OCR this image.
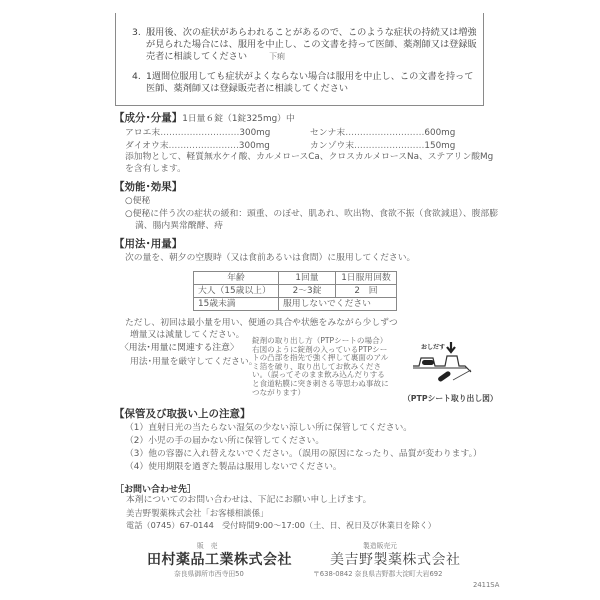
3. 服用後、次の症状があらわれることがあるので、このような症状の持続又は増強が見られた場合には、服用を中止し、この文書を持って医師、薬剤師又は登録販売者に相談してください	下痢
4. 1週間位服用しても症状がよくならない場合は服用を中止し、この文書を持って医師、薬剤師又は登録販売者に相談してください
【成分･分量】1日量６錠（1錠325mg）中
アロエ末………………………300mg	センナ末………………………600mg
ダイオウ末……………………300mg	カンゾウ末……………………150mg
添加物として、軽質無水ケイ酸、カルメロースCa、クロスカルメロースNa、ステアリン酸Mg
を含有します。
【効能･効果】
○便秘
○便秘に伴う次の症状の緩和：頭重、のぼせ、肌あれ、吹出物、食欲不振（食欲減退）、腹部膨
満、腸内異常醗酵、痔
【用法･用量】
次の量を、朝夕の空腹時（又は食前あるいは食間）に服用してください。
年齢	1回量	1日服用回数
大人（15歳以上）	2～3錠	2　回
15歳未満	服用しないでください	
ただし、初回は最小量を用い、便通の具合や状態をみながら少しずつ
増量又は減量してください。
〈用法･用量に関連する注意〉
用法･用量を厳守してください。
錠剤の取り出し方（PTPシートの場合）右図のように錠剤の入っているPTPシートの凸部を指先で強く押して裏面のアルミ箔を破り、取り出してお飲みください。（誤ってそのまま飲み込んだりすると食道粘膜に突き刺さる等思わぬ事故につながります）
おしだす
（PTPシート取り出し図）
【保管及び取扱い上の注意】
（1）直射日光の当たらない湿気の少ない涼しい所に保管してください。
（2）小児の手の届かない所に保管してください。
（3）他の容器に入れ替えないでください。（誤用の原因になったり、品質が変わります。）
（4）使用期限を過ぎた製品は服用しないでください。
［お問い合わせ先］
本剤についてのお問い合わせは、下記にお願い申し上げます。
美吉野製薬株式会社「お客様相談係」
電話（0745）67-0144　受付時間9:00～17:00（土、日、祝日及び休業日を除く）
販　売
田村薬品工業株式会社
奈良県御所市西寺田50
製造販売元
美吉野製薬株式会社
〒638-0842 奈良県吉野郡大淀町大岩692
2411SA
